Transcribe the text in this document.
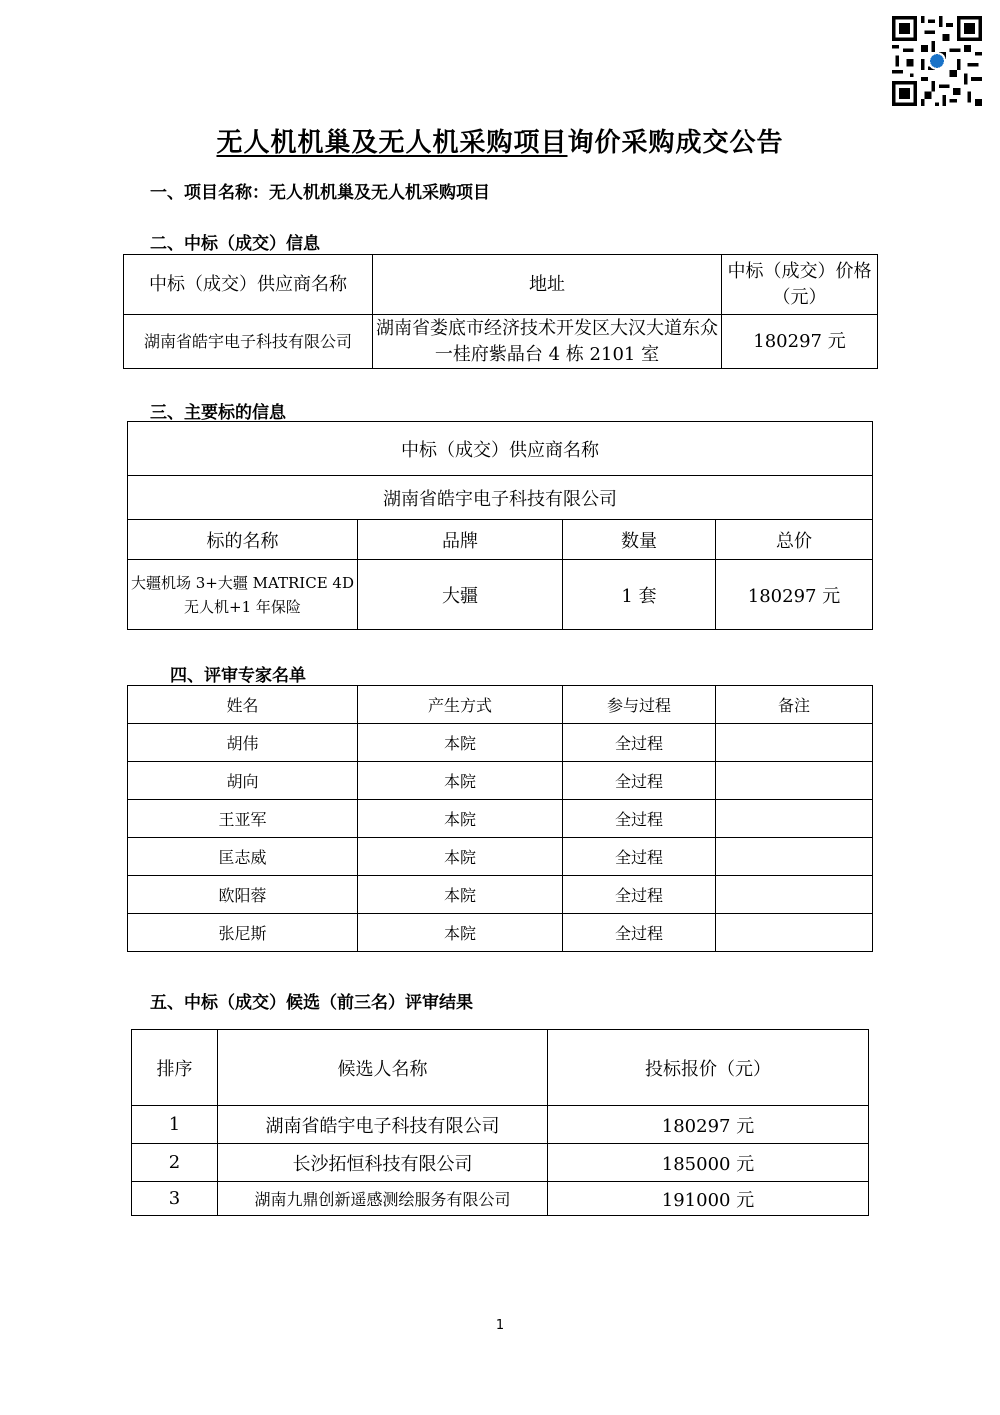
无人机机巢及无人机采购项目询价采购成交公告
一、项目名称：无人机机巢及无人机采购项目
二、中标（成交）信息
中标（成交）供应商名称	地址	中标（成交）价格（元）
湖南省皓宇电子科技有限公司	湖南省娄底市经济技术开发区大汉大道东众一桂府紫晶台 4 栋 2101 室	180297 元
三、主要标的信息
中标（成交）供应商名称			
湖南省皓宇电子科技有限公司			
标的名称	品牌	数量	总价
大疆机场 3+大疆 MATRICE 4D 无人机+1 年保险	大疆	1 套	180297 元
四、评审专家名单
姓名	产生方式	参与过程	备注
胡伟	本院	全过程	
胡向	本院	全过程	
王亚军	本院	全过程	
匡志威	本院	全过程	
欧阳蓉	本院	全过程	
张尼斯	本院	全过程	
五、中标（成交）候选（前三名）评审结果
排序	候选人名称	投标报价（元）
1	湖南省皓宇电子科技有限公司	180297 元
2	长沙拓恒科技有限公司	185000 元
3	湖南九鼎创新遥感测绘服务有限公司	191000 元
1
